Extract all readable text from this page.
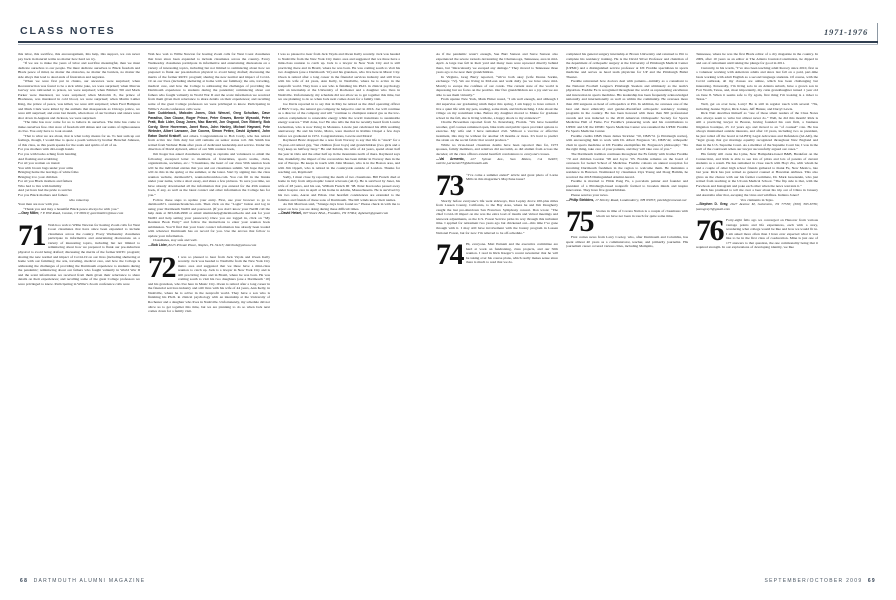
CLASS NOTES	1971-1976

this labor, this sacrifice, this encouragement, this help, this support, we can never pay back in material terms no matter how hard we try.

“If we are to make the years of labor and sacrifice meaningful, then we must dedicate ourselves to our people. We must dedicate ourselves to Black freedom and Black peace of mind, no matter the obstacles, no matter the barriers, no matter the side alleys that lead to dead ends of frustration and negation.

“When we were first put in chains, our ancestors were surprised; when Reconstruction was found to be a sick white joke, we were surprised; when Marcus Garvey was railroaded to prison, we were surprised; when Emmett Till and Mack Parker were murdered, we were surprised; when Malcolm X, the prince of Blackness, was murdered in cold blood, we were surprised; when Martin Luther King, the prince of peace, was killed, we were still surprised; when Fred Hampton and Mark Clark were killed by the animals that masquerade as Chicago police, we were still surprised; and even last month, when more of our brothers and sisters were shot down in Augusta and Jackson, we were surprised.

“The time has now come for us to believe in ourselves. The time has come to make ourselves free. Our store of freedom still shines and our saints of righteousness do live. You only have to look around.

“That is what we are about, that is what today means for us. To best sum up our feelings, though, I would like to quote a poem written by brother Herschel Johnson, of this class, as this poem speaks for the souls and spirits of all of us.

For you mothers with dirt-rough hands

For you with backs aching from bending

And flashing and scrubbing

For all you women on transit

You with brown bags under your arms

Bringing home the leavings of white folks

Bringing it to your children

For all you Black mothers and fathers

Who had to live with humility

And yet have had the pride to survive

For you Black mothers and fathers

who raised up

Your men are now with you.

“Thank you and may a beautiful Black peace always be with you.”

—Gary Miller, 7 E Hill Road, Canton, CT 06019; garettmiller@mac.com

71 Wah hoo wah to Willie Newton for hosting Zoom calls for West Coast classmates that have since been expanded to include classmates across the country. Every Wednesday classmates participate in informative and entertaining discussions on a variety of interesting topics, including but not limited to reminiscing about how we prepared to flunk our pre-induction physical to avoid being drafted; discussing the merits of the former ROTC program; sharing the new normal and impact of Covid-19 on our lives (including sheltering at home with our families); the arts, traveling, medical care, and how the College is addressing the challenges of providing the Dartmouth experience to students during the pandemic; reminiscing about our fathers who fought valiantly in World War II and the scant information we received from them given their reluctance to share details on their experiences; and recalling some of the great College professors we were privileged to know. Participating in Willie’s Zoom conference calls were

Wah hoo wah to Willie Newton for hosting Zoom calls for West Coast classmates that have since been expanded to include classmates across the country. Every Wednesday classmates participate in informative and entertaining discussions on a variety of interesting topics, including but not limited to reminiscing about how we prepared to flunk our pre-induction physical to avoid being drafted; discussing the merits of the former ROTC program; sharing the new normal and impact of Covid-19 on our lives (including sheltering at home with our families); the arts, traveling, medical care, and how the College is addressing the challenges of providing the Dartmouth experience to students during the pandemic; reminiscing about our fathers who fought valiantly in World War II and the scant information we received from them given their reluctance to share details on their experiences; and recalling some of the great College professors we were privileged to know. Participating in Willie’s Zoom conference calls were

Sam Cuddeback, Malcolm Jones, Dick Wenzel, Greg Schulkan, Dave Paradiso, Dan Clouse, Roger Prince, Peter Graves, Bernie Wysocki, Peter Pratt, Bob Lider, Doug Jones, Mac Barrett, Jon Osgood, Don Ebberly, Bob Cordy, Steve Hoverman, Janet Ross, John Hanley, Michael Haynard, Pete Webster, Albert Lansane, Joe Cocera, Simon Pettee, David Aylward, John Eaton David Krakoff, and others. Congratulations to Bob Cordy, who has retired from active law firm duty but still remains on senior status roll. Jim Smith has retired from Webster Bank after years of dedicated leadership and service. Under the direction of David Aylward, editor of our 50th reunion book,

Jim Koger has asked classmates serving as captains and volunteers to email the following excerpted letter to members of fraternities, sports teams, clubs, organizations, societies, etc.: “Classmates, the heart of our class 50th reunion book will be the individual entries that you and our classmates submit. We hope that you will do this in the spring or the summer, at the latest. Start by signing into the class reunion website, dartmouth71, reunionchronicles.com. You can fill in the blanks under your name, write a short essay, and share a few pictures. To save you time, we have already downloaded all the information that you entered for the 45th reunion book, if any, as well as the latest contact and other information the College has for you.”

Follow these steps to update your entry. First, use your browser to go to dartmouth71. reunionchronicles.com. Then click on the “Login” button and log in using your Dartmouth NetID and password. (If you don’t know your NetID call the help desk at 603-646-2999 or email alumni.help@dartmouth.edu and ask for your NetID and help setting your password.) Once you are logged in, click on “My Reunion Book Entry” and follow the instructions to enter your reunion book submission. You’ll find that your basic contact information has already been loaded with whatever Dartmouth has on record for you. Use the arrows that follow to update your information.

Classmates, stay safe and well.

—Bob Lider, 8225 Private Place, Naples, FL 34113; liderbob@yahoo.com

72 I was so pleased to hear from Jack Vayda and Owen Kelly recently. Jack was headed to Nashville from the New York City metro area and suggested that we three have a mini-class reunion to catch up. Jack is a lawyer in New York City and is still practicing there and in Brazil, where he was born. He was coming south to visit his two daughters (one a Dartmouth ’10) and his grandson, who live here in Music City. Owen is retired after a long career in the financial services industry and still lives with his wife of 44 years, Ann Kelly, in Nashville, where he is active in the nonprofit world. They have a son who is finishing his Ph.D. in clinical psychology with an internship at the University of Rochester and a daughter who lives in Nashville. Unfortunately, my schedule did not allow us to get together this time, but we are planning to do so when Jack next comes down for a family visit.

I was so pleased to hear from Jack Vayda and Owen Kelly recently. Jack was headed to Nashville from the New York City metro area and suggested that we three have a mini-class reunion to catch up. Jack is a lawyer in New York City and is still practicing there and in Brazil, where he was born. He was coming south to visit his two daughters (one a Dartmouth ’10) and his grandson, who live here in Music City. Owen is retired after a long career in the financial services industry and still lives with his wife of 44 years, Ann Kelly, in Nashville, where he is active in the nonprofit world. They have a son who is finishing his Ph.D. in clinical psychology with an internship at the University of Rochester and a daughter who lives in Nashville. Unfortunately, my schedule did not allow us to get together this time, but we are planning to do so when Jack next comes down for a family visit.

Joe Davis reported in to say that in May he retired as the chief operating officer of BKV Corp., the natural gas company he helped to start in 2016. Joe will continue as a director of the company and will “continue to champion natural gas as the low-carbon complement to renewable energy while the world transitions to sustainable energy sources.” Well done, Joe! He also tells me that he recently heard from Lawrie Lieberman, who is now living in Montana. Lawrie just celebrated his 48th wedding anniversary. He and his bride, Moira, were married in Rollins Chapel a few days before we graduated in 1972. Congratulations, Lawrie and Moira!

Raymond Bratz dropped me a note from Norway to say that life is “slack” for a 73-year-old retired guy, “but children (four boys) and grandchildren (two girls and a boy) keep us halfway busy.” He and Kristin, his wife of 44 years, spend about half the year in Oslo and the other half up in the mountains north of there. Raymond says that, thankfully, the impact of the coronavirus has been milder in Norway than in the rest of Europe. He keeps in touch with John Mauser, who is in the Boston area, and with Jim Oppelt, who is retired in the countryside outside of London. Thanks for reaching out, Raymond!

Sadly, I must close by reporting the death of two classmates. Bill French died at home in July from amyotrophic lateral sclerosis (ALS). He is survived by Janet, his wife of 28 years, and his son, William French III ’08. Peter Kaczowka passed away under hospice care in April at his home in Adams, Massachusetts. He is survived by his two sons, Aaron and Ethan. Our heartfelt condolences are extended to the families and friends of these sons of Dartmouth. The hill winds know their names.

As Jim Morrison said, “Strange days have found us.” Please check in with me to report on how you are doing during these difficult times.

—David Hetzel, 997 Shore Blvd., Franklin, TN 37064; dghetzel@gmail.com

As if the pandemic wasn’t enough, Sue Burt Stetson and Steve Stetson also experienced the severe tornado devastating the Chattanooga, Tennessee, area in mid-April. A large tree fell in their yard and many trees were uprooted directly behind there, but “miraculously we escaped any damage.” They moved to Tennessee three years ago to be near their grandchildren.

In Virginia, Greg Barry reported, “We’re both okay (wife Donna Sorkin, exchange ’72). We are living in McLean and walk daily (as we have since mid-March) to escape the confines of our condo. The current state of the world is depressing but we focus on the positive. Our five grandchildren are a joy and we are able to see them virtually.”

From upstate New York, Mark Elmer noted, “I am well enough, and although I did supervise our graduating ninth major this spring, I am happy to have retired. I live a quiet life with my pets, reading, some math, and birdwatching. I ride about the village on my recumbent trike. Before my daughter moved to Maine for graduate school in the fall, she is living with me, a happy shock to my existence!”

Charlie Bowerman reported from St. Petersburg, Florida. “We have beautiful weather, golf courses remained open, bike trails and public space provided options to exercise. My wife and I have remained civil. Without a vaccine or effective treatment, this may be without for another 18 months or more. It’s hard to predict the strain on the social fabric that would produce.”

While no virus-based classmate deaths have been reported thus far, 1973 spouses, family members, and relatives did succumb, as did alumni from across the decades; all the class officers extend heartfelt condolences to everyone’s losses.

—Val Armento, 227 Sylvan Ave., San Mateo, CA 94403; valerie.j.armento73@dartmouth.edu

73 “I’ve come a summer ended” article and great photo of Lorna Mills in this magazine’s May/June issue?

Shortly before everyone’s life went sideways, Don Lepley drove 100-plus miles from Lassen County, California, to the Bay Area, where he and Jim Dougherty caught the last pre-shutdown San Francisco Symphony concert. Don wrote: “The chief Covid-19 impact on me was the extra load of insults and virtual meetings and telework adjustments, as the U.S. Forest Service picks its way through this turbulent time. I applied for retirement two years ago but chickened out—this time I’ve gone through with it. I may still have involvement with the botany program in Lassen National Forest, but for now I’m relieved to be off-schedule.”

74 Hi, everyone. Matt Putnam and the executive committee are hard at work on fundraising, class projects, and our 50th reunion. I read in Rick Raeger’s recent newsletter that he will be taking over his course plans, which really makes sense since there is much to read that we do.

completed his general surgery internship at Brown University and returned to Pitt to complete his residency training. He is the David Silver Professor and chairman of the department of orthopedic surgery at the University of Pittsburgh Medical Center (UPMC) and a distinguished service professor at UP. Freddie specializes in sports medicine and serves as head team physician for UP and the Pittsburgh Ballet Theater.

Freddie reinvented how doctors deal with patients—initially as a consultant to the National Football League’s Pittsburgh Steelers and ultimately as the team’s physician. Freddie Fu is recognized throughout the world as representing excellence and innovation in sports medicine. His leadership has been frequently acknowledged nationally and internationally as well as within the community. He oversees more than 200 surgeons as head of orthopedics at Pitt. In addition, he oversees one of the best and most ethnically and gender-diversified orthopedic residency training programs in the country. He has been honored with more than 300 professional awards and was inducted to the 2016 American Orthopaedic Society for Sports Medicine Hall of Fame. For Freddie’s pioneering work and his contributions to UPMC and UP, the UPMC Sports Medicine Center was renamed the UPMC Freddie Fu Sports Medicine Center.

Freddie credits DMS Dean James Strickler ’50, DMS’51 (a Pittsburgh native), with encouraging him to work with Dr. Albert Ferguson ’41, DMS’42, orthopedic chair in sports medicine at UP. Freddie exemplifies Dr. Ferguson’s philosophy: “Do the right thing, take care of your patients, and they will take care of you.”

The Dartmouth tradition continues throughout the Fu family with brother Freddie ’70 and children Gordon ’98 and Joyce ’03. Freddie remains on the board of overseers for Geisel School of Medicine. Freddie cohosts an annual reception for incoming Dartmouth freshmen in the region to welcome them. He maintains a residence in Hanover. Nominated by classmates Ziya Young and Doug Hamlin, he received the 2018 Distinguished Alumni Award.

Freddie is married to Hilda Pang Fu, a porcelain painter and founder and president of a Pittsburgh-based nonprofit formed to broaden minds and inspire innovation. They have five grandchildren.

Please send us your news.

—Philip Stebbins, 17 Shirley Road, Londonderry, NH 03053; pstebb@comcast.net

75 Stories in time of Corona Nation is a couple of classmates with whom we have not been in touch for quite some time.

First comes news from Larry Cooley, who, after Dartmouth and Columbia, has spent almost 40 years as a communicator, teacher, and primarily journalist. His journalism career covered various cities, including Memphis,

Tennessee, where he was the first Black editor of a city magazine in the country. In 2009, after 10 years as an editor at The Atlanta Journal-Constitution, he dipped in and out of retirement until taking the plunge for good in 2011.

Currently, in his words, “I’ve also been teaching adult literacy since 2010, first as a volunteer working with American adults and since last fall on a paid, part-time basis working with adult English as a second language students. Of course, with the Covid outbreak, all my classes are online, which has been challenging but interesting. Personally, I’m living solo in an Atlanta suburb, have a grown son in Fort Worth, Texas, and, most importantly, my cutie granddaughter turned 1 year old on June 8. When it seems safe to fly again, first thing I’m looking is a ticket to Texas.”

Well, get on over here, Larry! He is still in regular touch with several ’76s, including Jeanne Taylor, Rick Jones, Jeff Hunter, and Darryl Lewis.

Rick Nutt describes himself as “one of those silent readers of the Class Notes who always seem to write but almost never do.” Well, he did this month! Rick is still a practicing lawyer in Boston, having founded his own firm, a business litigation boutique, 25 1/2 years ago and moved to an “of counsel” role. He has always maintained outside interests, and after 10 years, including two as president, he just rolled off the board at GLBTQ Legal Advocates and Defenders (GLAD), the “legal group that got marriage equality recognized throughout New England and then in the U.S. Supreme Court. As a member of the Supreme Court bar, I was in the well of the courtroom when our lawyer successfully argued our cases.”

His family still owns the Lyme, New Hampshire-based B&B, Breakfast on the Connecticut, and Rick is able to see lots of pilots and lots of parents of current students as a result. He has remained in close touch with Hoyt Zia, with whom he and a couple of other high school friends gathered to thank Fu, New Mexico, late last year. Rick has just retired as general counsel at Hawaiian Airlines. This also gives us the chance with our his former roommate, Dr. Mark Greenstein, who just retired from teaching at the UConn Medical School. “The flip side is that, with the Facebook and Instagram and poke each other when the news warrants it.”

Rich has promised to tell me over a beer about his trip out of China in January and Australia after that, escaping the virus and wildfires. Indiana Jones?

Vox clamantis in Tejas.

—Stephen D. Gray, 2627 Avenue M, Galveston, TX 77550; (650) 303-6736; jeansgray3@gmail.com

76 Forty-eight falls ago we converged on Hanover from various vantage points and life experiences, each with a story, wondering what college would be like and how we would fit in. I am asked more often than I have ever expected what it was like to be in the first class of coeducation. Mine is just one of 177 answers to that question, the one commonality being that it required strength. In our explorations of developing identity, we like

68 DARTMOUTH ALUMNI MAGAZINE	SEPTEMBER/OCTOBER 2009 69
